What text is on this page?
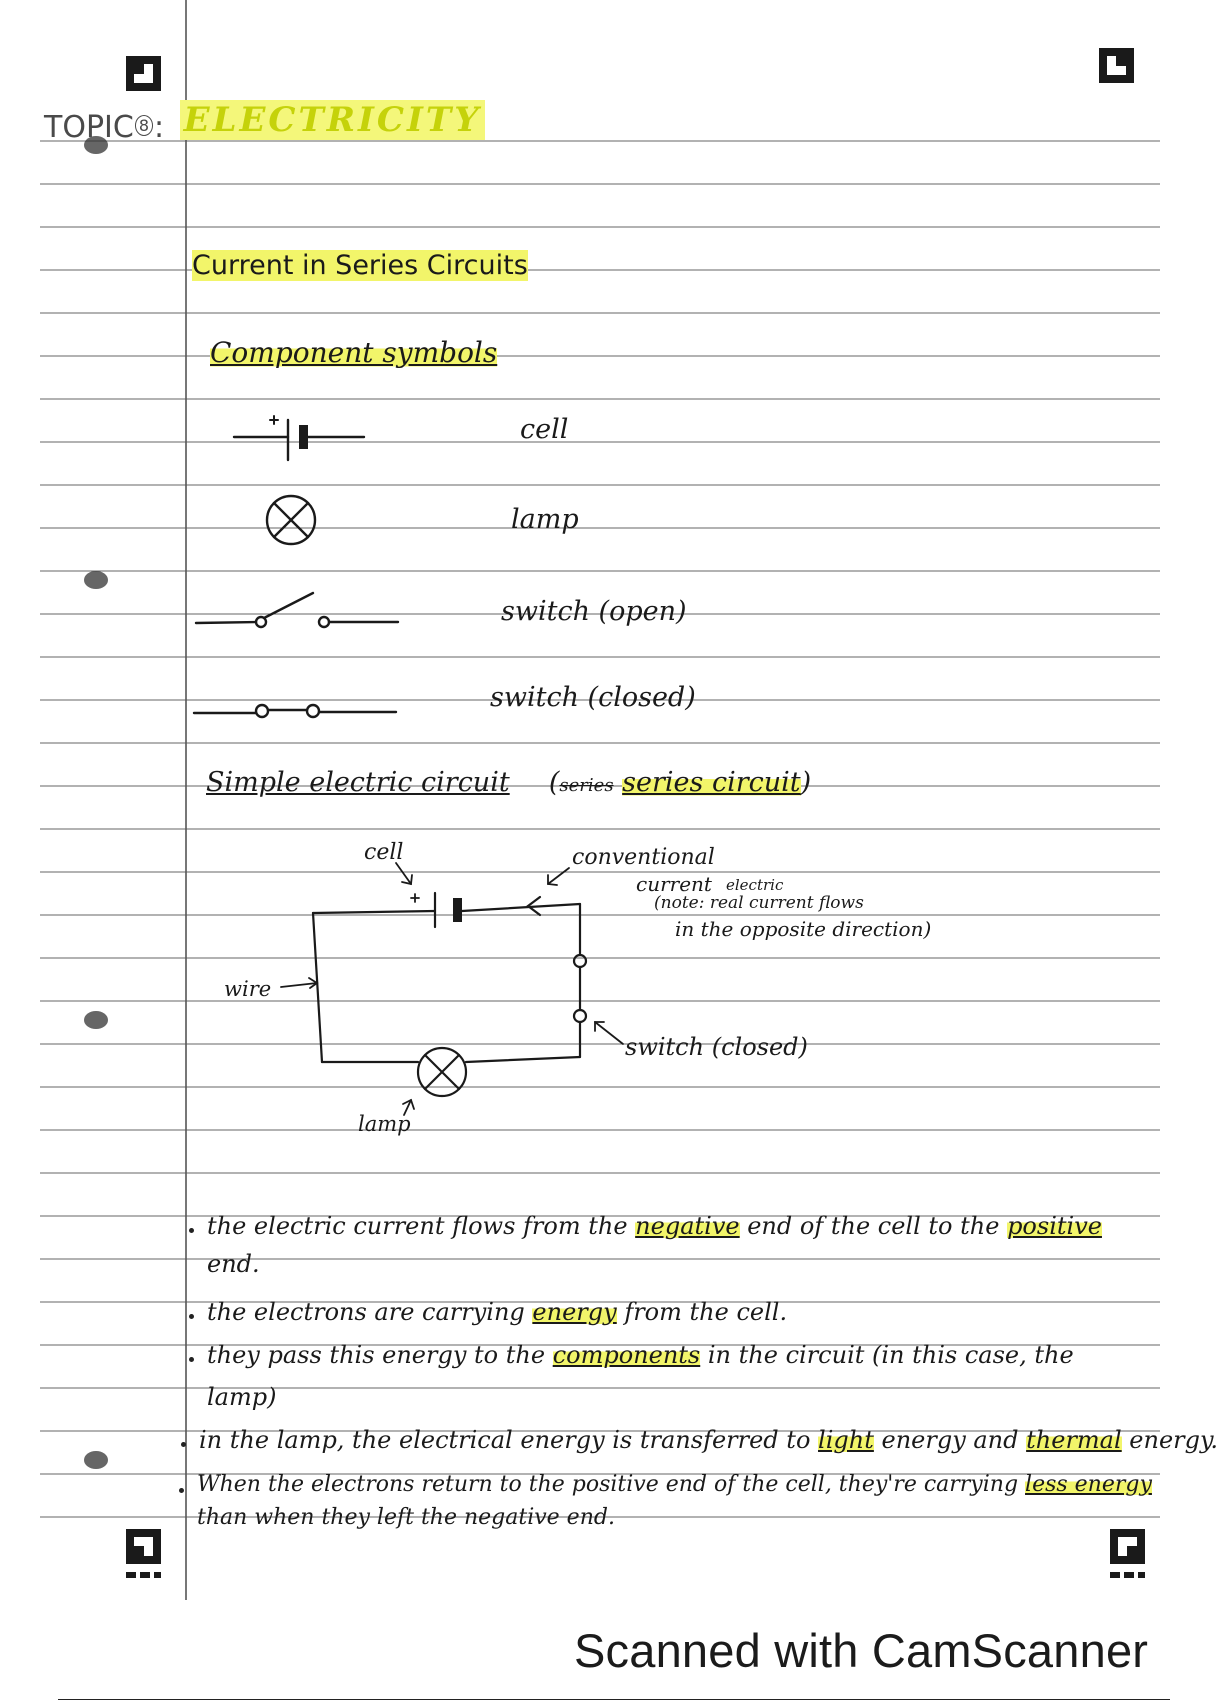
TOPIC $^8$ : ELECTRICITY
Current in Series Circuits
Component symbols
cell
lamp
switch (open)
switch (closed)
Simple electric circuit (series series circuit)
cell	conventional
current electric
(note: real current flows
in the opposite direction)
wire
switch (closed)
lamp
the electric current flows from the negative end of the cell to the positive
end.
the electrons are carrying energy from the cell.
they pass this energy to the components in the circuit (in this case, the
lamp)
in the lamp, the electrical energy is transferred to light energy and thermal energy.
When the electrons return to the positive end of the cell, they're carrying less energy
than when they left the negative end.
Scanned with CamScanner
